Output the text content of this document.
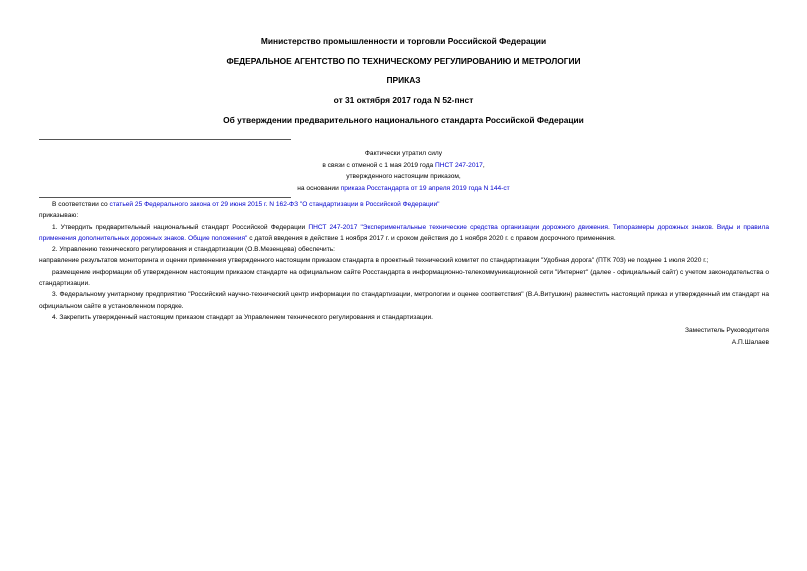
Министерство промышленности и торговли Российской Федерации
ФЕДЕРАЛЬНОЕ АГЕНТСТВО ПО ТЕХНИЧЕСКОМУ РЕГУЛИРОВАНИЮ И МЕТРОЛОГИИ
ПРИКАЗ
от 31 октября 2017 года N 52-пнст
Об утверждении предварительного национального стандарта Российской Федерации
Фактически утратил силу
в связи с отменой с 1 мая 2019 года ПНСТ 247-2017,
утвержденного настоящим приказом,
на основании приказа Росстандарта от 19 апреля 2019 года N 144-ст
В соответствии со статьей 25 Федерального закона от 29 июня 2015 г. N 162-ФЗ "О стандартизации в Российской Федерации"
приказываю:
1. Утвердить предварительный национальный стандарт Российской Федерации ПНСТ 247-2017 "Экспериментальные технические средства организации дорожного движения. Типоразмеры дорожных знаков. Виды и правила применения дополнительных дорожных знаков. Общие положения" с датой введения в действие 1 ноября 2017 г. и сроком действия до 1 ноября 2020 г. с правом досрочного применения.
2. Управлению технического регулирования и стандартизации (О.В.Мезенцева) обеспечить:
направление результатов мониторинга и оценки применения утвержденного настоящим приказом стандарта в проектный технический комитет по стандартизации "Удобная дорога" (ПТК 703) не позднее 1 июля 2020 г.;
размещение информации об утвержденном настоящим приказом стандарте на официальном сайте Росстандарта в информационно-телекоммуникационной сети "Интернет" (далее - официальный сайт) с учетом законодательства о стандартизации.
3. Федеральному унитарному предприятию "Российский научно-технический центр информации по стандартизации, метрологии и оценке соответствия" (В.А.Витушкин) разместить настоящий приказ и утвержденный им стандарт на официальном сайте в установленном порядке.
4. Закрепить утвержденный настоящим приказом стандарт за Управлением технического регулирования и стандартизации.
Заместитель Руководителя
А.П.Шалаев
